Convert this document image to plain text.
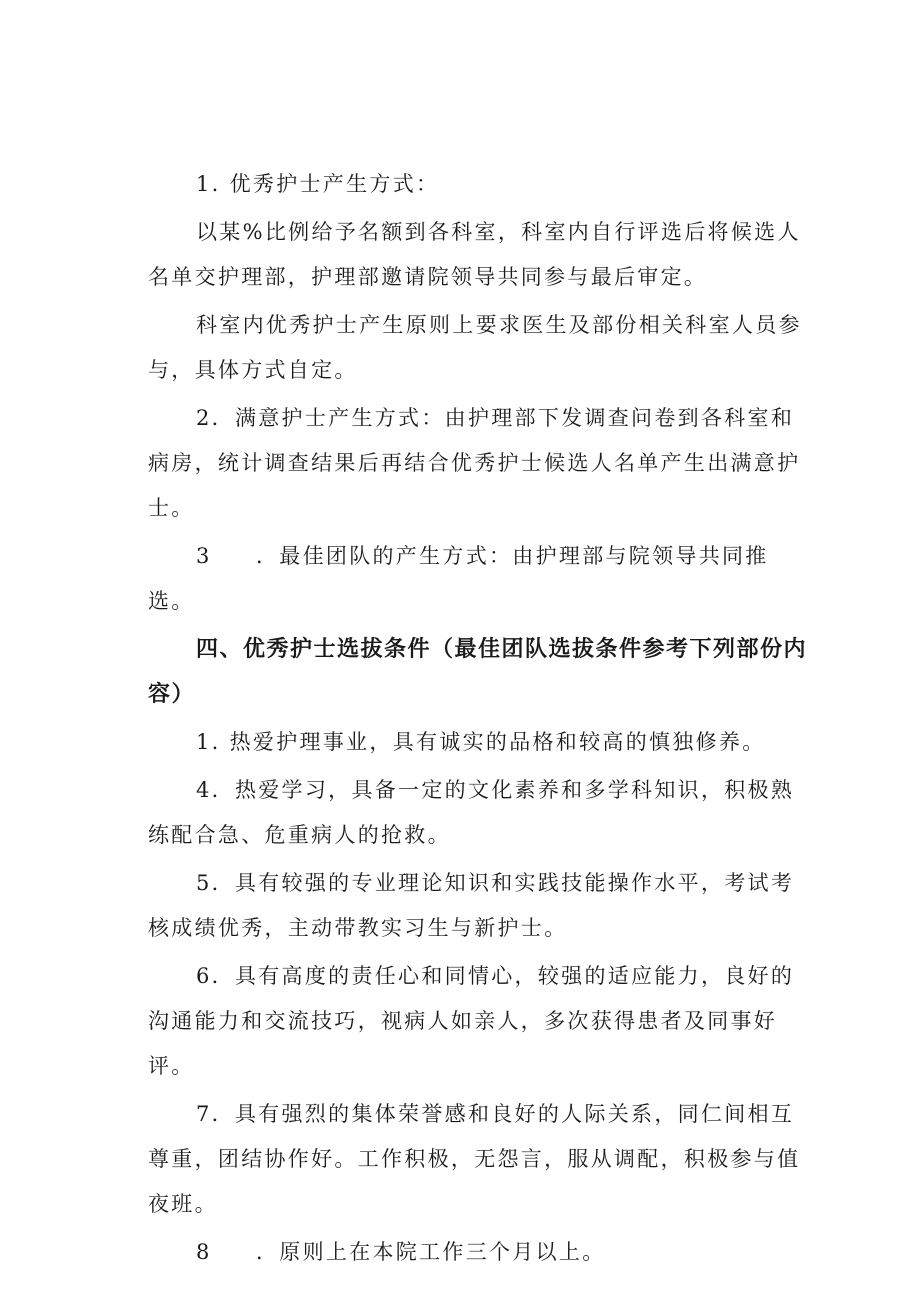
1. 优秀护士产生方式：

以某%比例给予名额到各科室，科室内自行评选后将候选人名单交护理部，护理部邀请院领导共同参与最后审定。

科室内优秀护士产生原则上要求医生及部份相关科室人员参与，具体方式自定。

2．满意护士产生方式：由护理部下发调查问卷到各科室和病房，统计调查结果后再结合优秀护士候选人名单产生出满意护士。

3 ．最佳团队的产生方式：由护理部与院领导共同推选。

四、优秀护士选拔条件（最佳团队选拔条件参考下列部份内容）

1. 热爱护理事业，具有诚实的品格和较高的慎独修养。

4．热爱学习，具备一定的文化素养和多学科知识，积极熟练配合急、危重病人的抢救。

5．具有较强的专业理论知识和实践技能操作水平，考试考核成绩优秀，主动带教实习生与新护士。

6．具有高度的责任心和同情心，较强的适应能力，良好的沟通能力和交流技巧，视病人如亲人，多次获得患者及同事好评。

7．具有强烈的集体荣誉感和良好的人际关系，同仁间相互尊重，团结协作好。工作积极，无怨言，服从调配，积极参与值夜班。

8 ．原则上在本院工作三个月以上。
